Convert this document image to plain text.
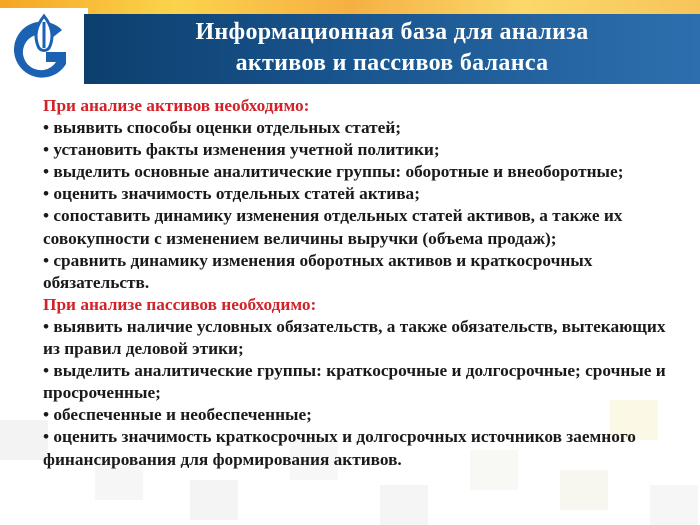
Информационная база для анализа
активов и пассивов баланса

При анализе активов необходимо:

• выявить способы оценки отдельных статей;

• установить факты изменения учетной политики;

• выделить основные аналитические группы: оборотные и внеоборотные;

• оценить значимость отдельных статей актива;

• сопоставить динамику изменения отдельных статей активов, а также их совокупности с изменением величины выручки (объема продаж);

• сравнить динамику изменения оборотных активов и краткосрочных обязательств.

При анализе пассивов необходимо:

• выявить наличие условных обязательств, а также обязательств, вытекающих из правил деловой этики;

• выделить аналитические группы: краткосрочные и долгосрочные; срочные и просроченные;

• обеспеченные и необеспеченные;

• оценить значимость краткосрочных и долгосрочных источников заемного финансирования для формирования активов.
